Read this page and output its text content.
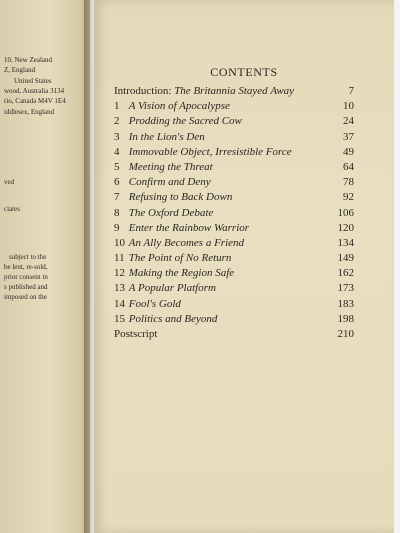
10, New Zealand
Z, England
United States
wood, Australia 3134
rio, Canada M4V 1E4
iddlesex, England
ved
ciates
subject to the
be lent, re-sold,
prior consent in
s published and
imposed on the
CONTENTS
Introduction: The Britannia Stayed Away	7
1 A Vision of Apocalypse	10
2 Prodding the Sacred Cow	24
3 In the Lion's Den	37
4 Immovable Object, Irresistible Force	49
5 Meeting the Threat	64
6 Confirm and Deny	78
7 Refusing to Back Down	92
8 The Oxford Debate	106
9 Enter the Rainbow Warrior	120
10 An Ally Becomes a Friend	134
11 The Point of No Return	149
12 Making the Region Safe	162
13 A Popular Platform	173
14 Fool's Gold	183
15 Politics and Beyond	198
Postscript	210
